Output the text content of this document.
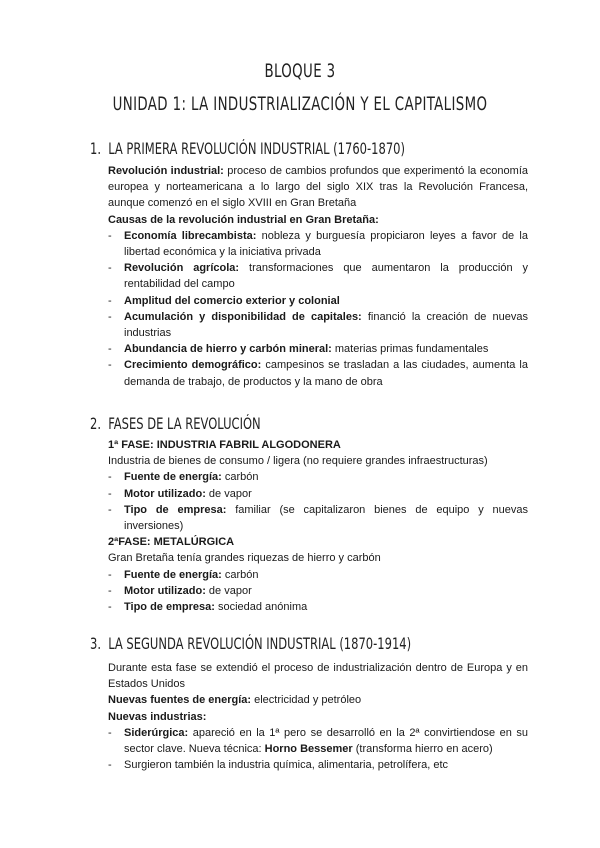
BLOQUE 3
UNIDAD 1: LA INDUSTRIALIZACIÓN Y EL CAPITALISMO
1. LA PRIMERA REVOLUCIÓN INDUSTRIAL (1760-1870)

Revolución industrial: proceso de cambios profundos que experimentó la economía europea y norteamericana a lo largo del siglo XIX tras la Revolución Francesa, aunque comenzó en el siglo XVIII en Gran Bretaña

Causas de la revolución industrial en Gran Bretaña:

- Economía librecambista: nobleza y burguesía propiciaron leyes a favor de la libertad económica y la iniciativa privada
- Revolución agrícola: transformaciones que aumentaron la producción y rentabilidad del campo
- Amplitud del comercio exterior y colonial
- Acumulación y disponibilidad de capitales: financió la creación de nuevas industrias
- Abundancia de hierro y carbón mineral: materias primas fundamentales
- Crecimiento demográfico: campesinos se trasladan a las ciudades, aumenta la demanda de trabajo, de productos y la mano de obra
2. FASES DE LA REVOLUCIÓN

1ª FASE: INDUSTRIA FABRIL ALGODONERA

Industria de bienes de consumo / ligera (no requiere grandes infraestructuras)

- Fuente de energía: carbón
- Motor utilizado: de vapor
- Tipo de empresa: familiar (se capitalizaron bienes de equipo y nuevas inversiones)

2ªFASE: METALÚRGICA

Gran Bretaña tenía grandes riquezas de hierro y carbón

- Fuente de energía: carbón
- Motor utilizado: de vapor
- Tipo de empresa: sociedad anónima
3. LA SEGUNDA REVOLUCIÓN INDUSTRIAL (1870-1914)

Durante esta fase se extendió el proceso de industrialización dentro de Europa y en Estados Unidos

Nuevas fuentes de energía: electricidad y petróleo

Nuevas industrias:

- Siderúrgica: apareció en la 1ª pero se desarrolló en la 2ª convirtiendose en su sector clave. Nueva técnica: Horno Bessemer (transforma hierro en acero)
- Surgieron también la industria química, alimentaria, petrolífera, etc
